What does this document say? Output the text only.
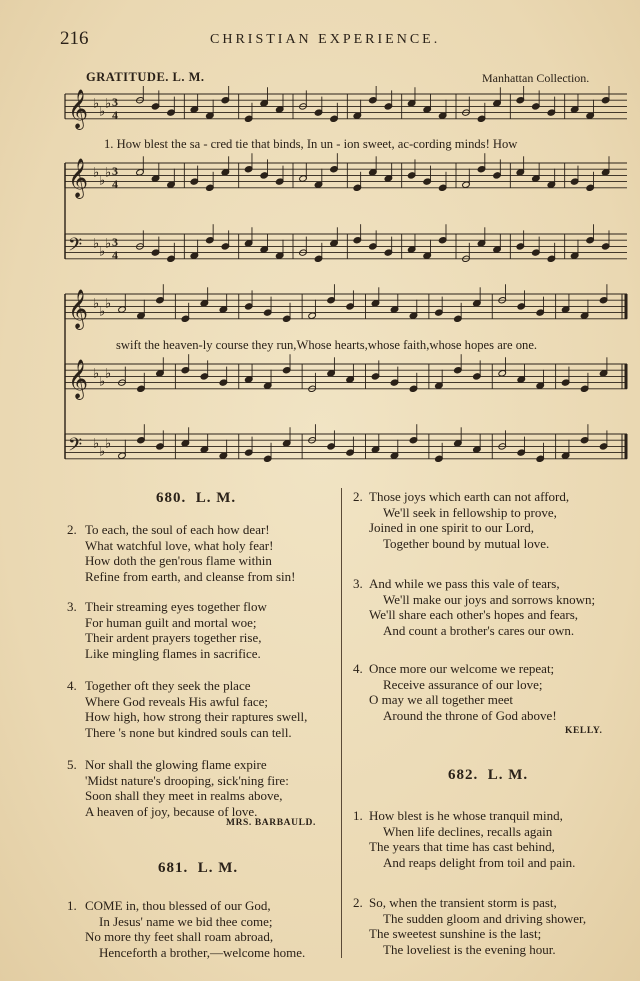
216	CHRISTIAN EXPERIENCE.
GRATITUDE. L. M.	Manhattan Collection.
𝄞 ♭
♭
♭ 3
4
𝄞 ♭
♭
♭ 3
4
𝄢 ♭
♭
♭ 3
4
𝄞 ♭
♭
♭
𝄞 ♭
♭
♭
𝄢 ♭
♭
♭
1. How blest the sa - cred tie that binds, In un - ion sweet, ac-cording minds! How
swift the heaven-ly course they run,Whose hearts,whose faith,whose hopes are one.
680. L. M.
2. To each, the soul of each how dear!

What watchful love, what holy fear!

How doth the gen'rous flame within

Refine from earth, and cleanse from sin!

3. Their streaming eyes together flow

For human guilt and mortal woe;

Their ardent prayers together rise,

Like mingling flames in sacrifice.

4. Together oft they seek the place

Where God reveals His awful face;

How high, how strong their raptures swell,

There 's none but kindred souls can tell.

5. Nor shall the glowing flame expire

'Midst nature's drooping, sick'ning fire:

Soon shall they meet in realms above,

A heaven of joy, because of love.

MRS. BARBAULD.
681. L. M.
1. COME in, thou blessed of our God,

In Jesus' name we bid thee come;

No more thy feet shall roam abroad,

Henceforth a brother,—welcome home.

2. Those joys which earth can not afford,

We'll seek in fellowship to prove,

Joined in one spirit to our Lord,

Together bound by mutual love.

3. And while we pass this vale of tears,

We'll make our joys and sorrows known;

We'll share each other's hopes and fears,

And count a brother's cares our own.

4. Once more our welcome we repeat;

Receive assurance of our love;

O may we all together meet

Around the throne of God above!

KELLY.
682. L. M.
1. How blest is he whose tranquil mind,

When life declines, recalls again

The years that time has cast behind,

And reaps delight from toil and pain.

2. So, when the transient storm is past,

The sudden gloom and driving shower,

The sweetest sunshine is the last;

The loveliest is the evening hour.
